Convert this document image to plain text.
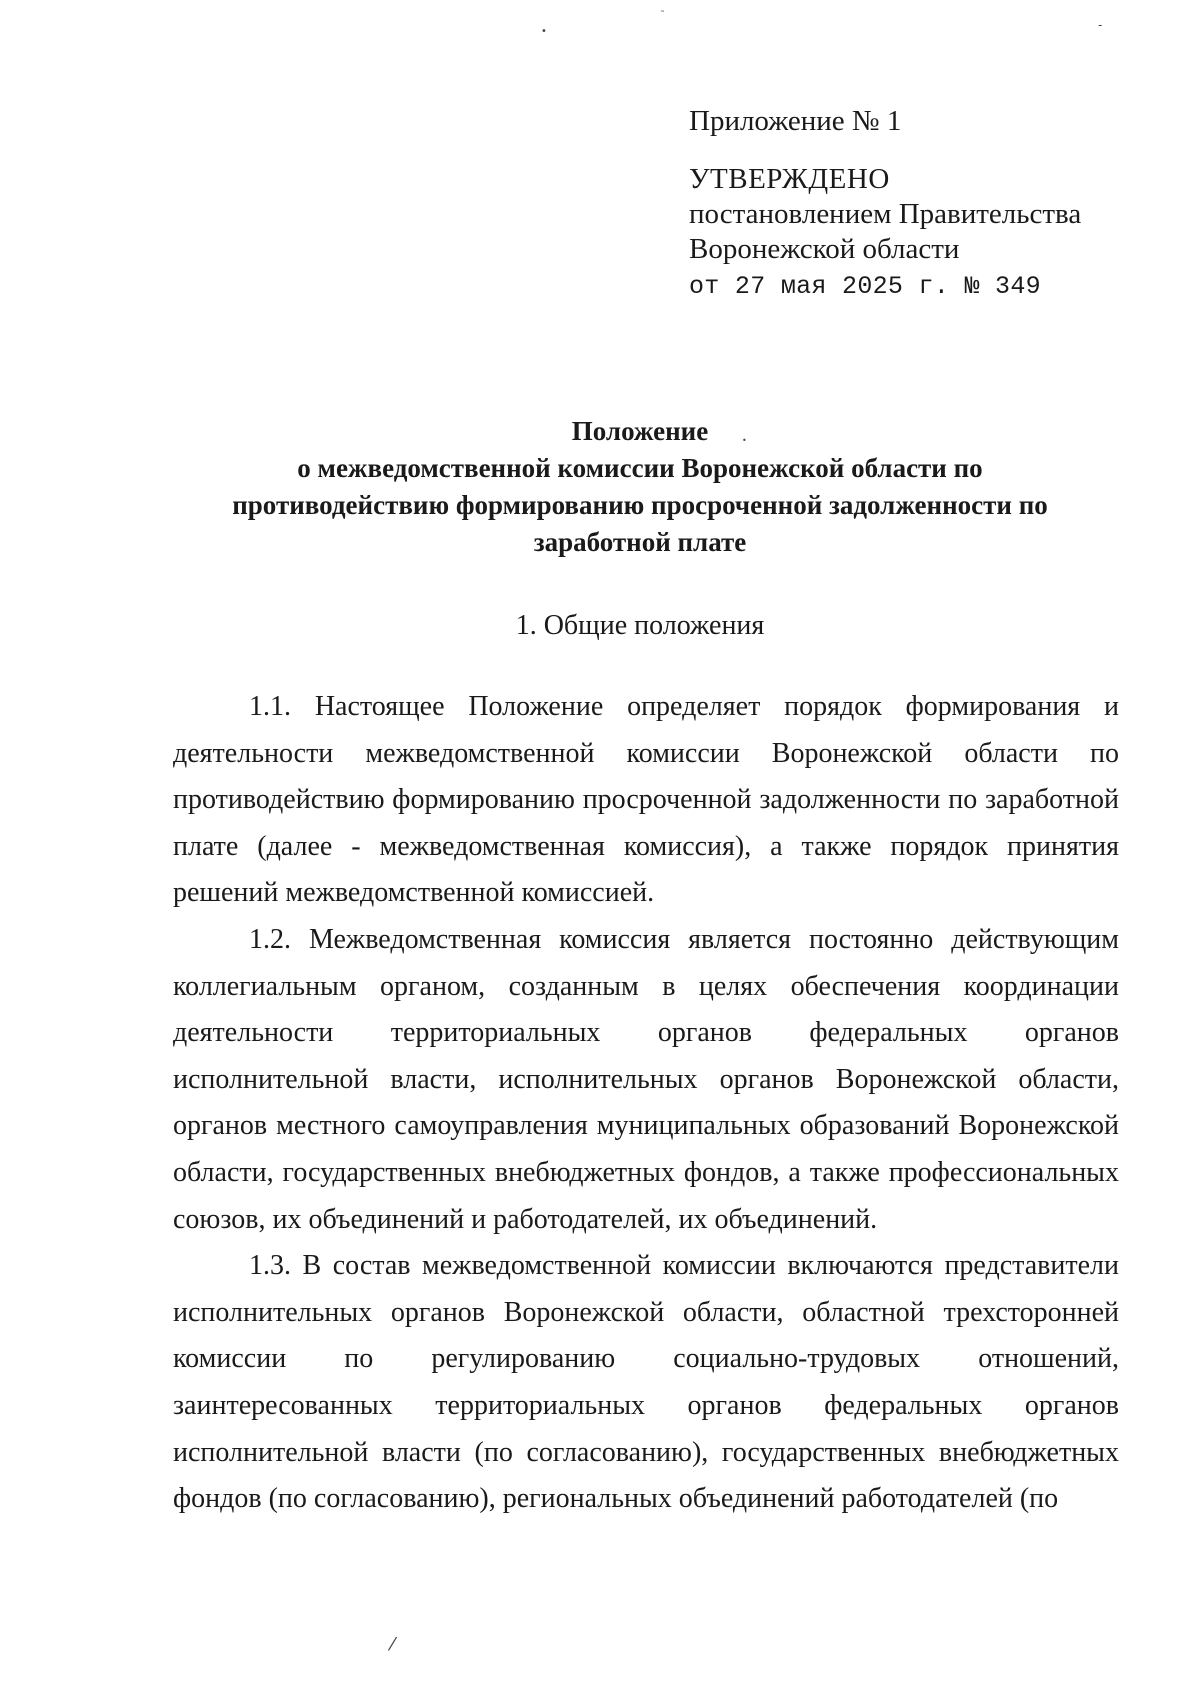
•
˜
‐
•
⁄
Приложение № 1
УТВЕРЖДЕНО
постановлением Правительства
Воронежской области
от 27 мая 2025 г. № 349
Положение
о межведомственной комиссии Воронежской области по
противодействию формированию просроченной задолженности по
заработной плате
1. Общие положения

1.1. Настоящее Положение определяет порядок формирования и деятельности межведомственной комиссии Воронежской области по противодействию формированию просроченной задолженности по заработной плате (далее - межведомственная комиссия), а также порядок принятия решений межведомственной комиссией.

1.2. Межведомственная комиссия является постоянно действующим коллегиальным органом, созданным в целях обеспечения координации деятельности территориальных органов федеральных органов исполнительной власти, исполнительных органов Воронежской области, органов местного самоуправления муниципальных образований Воронежской области, государственных внебюджетных фондов, а также профессиональных союзов, их объединений и работодателей, их объединений.

1.3. В состав межведомственной комиссии включаются представители исполнительных органов Воронежской области, областной трехсторонней комиссии по регулированию социально-трудовых отношений, заинтересованных территориальных органов федеральных органов исполнительной власти (по согласованию), государственных внебюджетных фондов (по согласованию), региональных объединений работодателей (по
